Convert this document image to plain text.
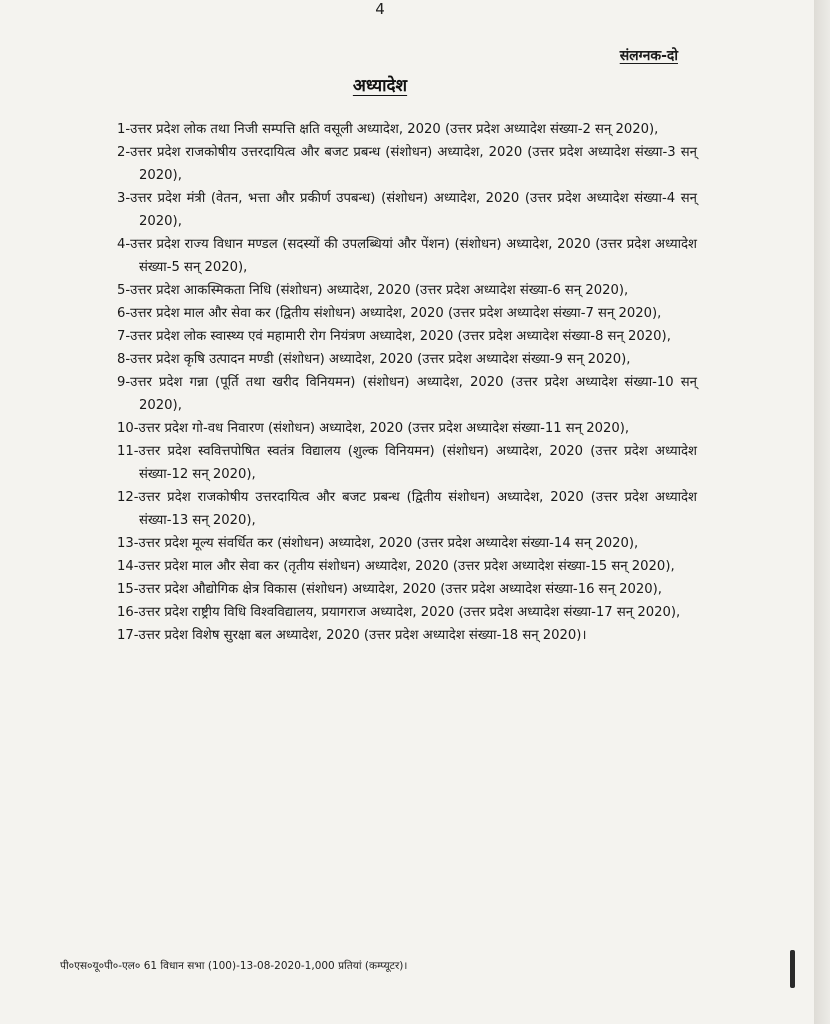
4
संलग्नक-दो
अध्यादेश
1-उत्तर प्रदेश लोक तथा निजी सम्पत्ति क्षति वसूली अध्यादेश, 2020 (उत्तर प्रदेश अध्यादेश संख्या-2 सन् 2020),
2-उत्तर प्रदेश राजकोषीय उत्तरदायित्व और बजट प्रबन्ध (संशोधन) अध्यादेश, 2020 (उत्तर प्रदेश अध्यादेश संख्या-3 सन् 2020),
3-उत्तर प्रदेश मंत्री (वेतन, भत्ता और प्रकीर्ण उपबन्ध) (संशोधन) अध्यादेश, 2020 (उत्तर प्रदेश अध्यादेश संख्या-4 सन् 2020),
4-उत्तर प्रदेश राज्य विधान मण्डल (सदस्यों की उपलब्धियां और पेंशन) (संशोधन) अध्यादेश, 2020 (उत्तर प्रदेश अध्यादेश संख्या-5 सन् 2020),
5-उत्तर प्रदेश आकस्मिकता निधि (संशोधन) अध्यादेश, 2020 (उत्तर प्रदेश अध्यादेश संख्या-6 सन् 2020),
6-उत्तर प्रदेश माल और सेवा कर (द्वितीय संशोधन) अध्यादेश, 2020 (उत्तर प्रदेश अध्यादेश संख्या-7 सन् 2020),
7-उत्तर प्रदेश लोक स्वास्थ्य एवं महामारी रोग नियंत्रण अध्यादेश, 2020 (उत्तर प्रदेश अध्यादेश संख्या-8 सन् 2020),
8-उत्तर प्रदेश कृषि उत्पादन मण्डी (संशोधन) अध्यादेश, 2020 (उत्तर प्रदेश अध्यादेश संख्या-9 सन् 2020),
9-उत्तर प्रदेश गन्ना (पूर्ति तथा खरीद विनियमन) (संशोधन) अध्यादेश, 2020 (उत्तर प्रदेश अध्यादेश संख्या-10 सन् 2020),
10-उत्तर प्रदेश गो-वध निवारण (संशोधन) अध्यादेश, 2020 (उत्तर प्रदेश अध्यादेश संख्या-11 सन् 2020),
11-उत्तर प्रदेश स्ववित्तपोषित स्वतंत्र विद्यालय (शुल्क विनियमन) (संशोधन) अध्यादेश, 2020 (उत्तर प्रदेश अध्यादेश संख्या-12 सन् 2020),
12-उत्तर प्रदेश राजकोषीय उत्तरदायित्व और बजट प्रबन्ध (द्वितीय संशोधन) अध्यादेश, 2020 (उत्तर प्रदेश अध्यादेश संख्या-13 सन् 2020),
13-उत्तर प्रदेश मूल्य संवर्धित कर (संशोधन) अध्यादेश, 2020 (उत्तर प्रदेश अध्यादेश संख्या-14 सन् 2020),
14-उत्तर प्रदेश माल और सेवा कर (तृतीय संशोधन) अध्यादेश, 2020 (उत्तर प्रदेश अध्यादेश संख्या-15 सन् 2020),
15-उत्तर प्रदेश औद्योगिक क्षेत्र विकास (संशोधन) अध्यादेश, 2020 (उत्तर प्रदेश अध्यादेश संख्या-16 सन् 2020),
16-उत्तर प्रदेश राष्ट्रीय विधि विश्वविद्यालय, प्रयागराज अध्यादेश, 2020 (उत्तर प्रदेश अध्यादेश संख्या-17 सन् 2020),
17-उत्तर प्रदेश विशेष सुरक्षा बल अध्यादेश, 2020 (उत्तर प्रदेश अध्यादेश संख्या-18 सन् 2020)।
पी०एस०यू०पी०-एल० 61 विधान सभा (100)-13-08-2020-1,000 प्रतियां (कम्प्यूटर)।
